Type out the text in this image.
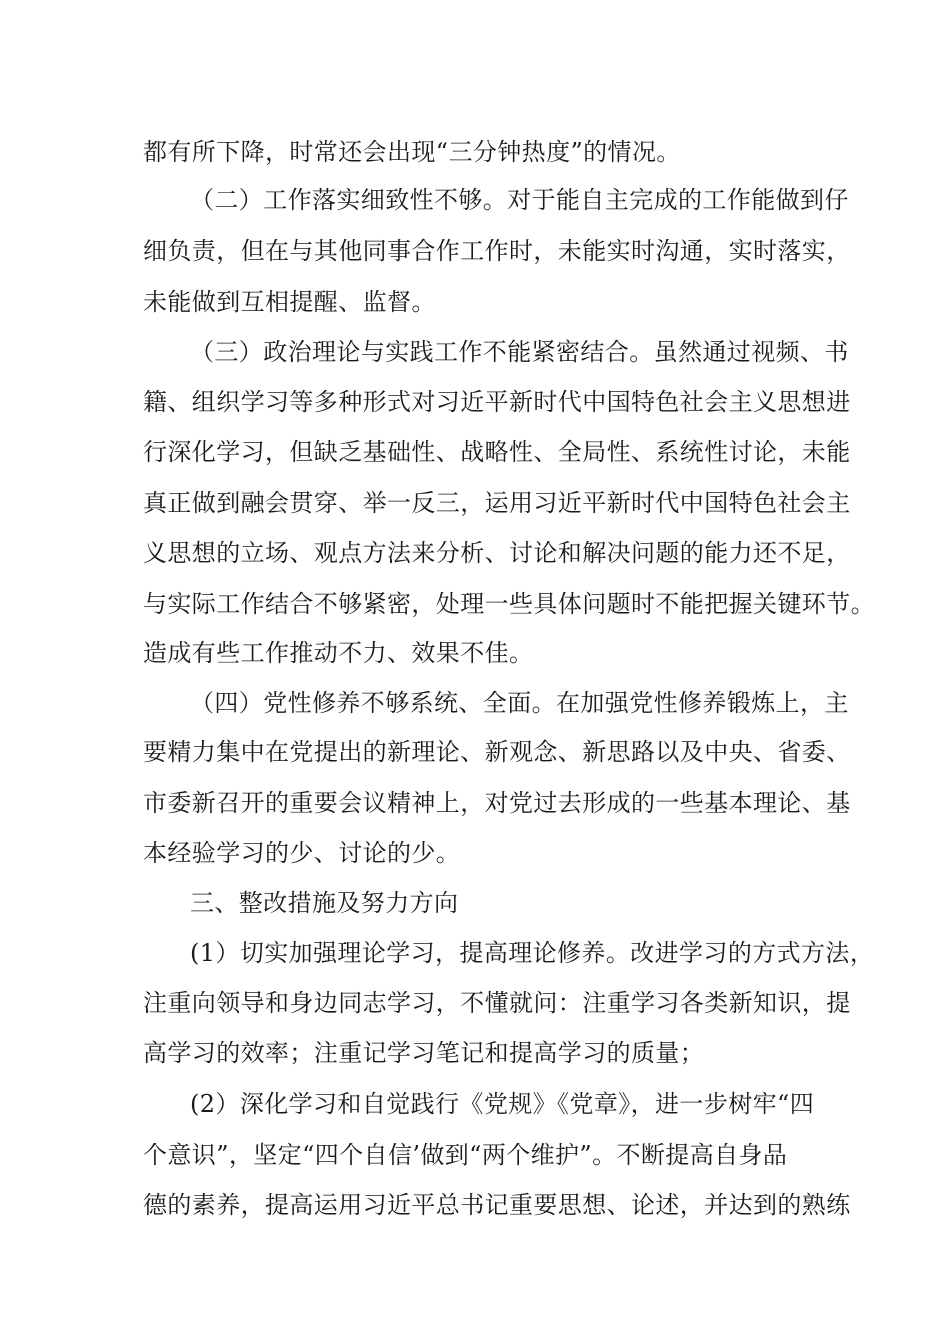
都有所下降，时常还会出现“三分钟热度”的情况。
（二）工作落实细致性不够。对于能自主完成的工作能做到仔
细负责，但在与其他同事合作工作时，未能实时沟通，实时落实，
未能做到互相提醒、监督。
（三）政治理论与实践工作不能紧密结合。虽然通过视频、书
籍、组织学习等多种形式对习近平新时代中国特色社会主义思想进
行深化学习，但缺乏基础性、战略性、全局性、系统性讨论，未能
真正做到融会贯穿、举一反三，运用习近平新时代中国特色社会主
义思想的立场、观点方法来分析、讨论和解决问题的能力还不足，
与实际工作结合不够紧密，处理一些具体问题时不能把握关键环节。
造成有些工作推动不力、效果不佳。
（四）党性修养不够系统、全面。在加强党性修养锻炼上，主
要精力集中在党提出的新理论、新观念、新思路以及中央、省委、
市委新召开的重要会议精神上，对党过去形成的一些基本理论、基
本经验学习的少、讨论的少。
三、整改措施及努力方向
(1）切实加强理论学习，提高理论修养。改进学习的方式方法，
注重向领导和身边同志学习，不懂就问：注重学习各类新知识，提
高学习的效率；注重记学习笔记和提高学习的质量；
(2）深化学习和自觉践行《党规》《党章》，进一步树牢“四
个意识”，坚定“四个自信’做到“两个维护”。不断提高自身品
德的素养，提高运用习近平总书记重要思想、论述，并达到的熟练
